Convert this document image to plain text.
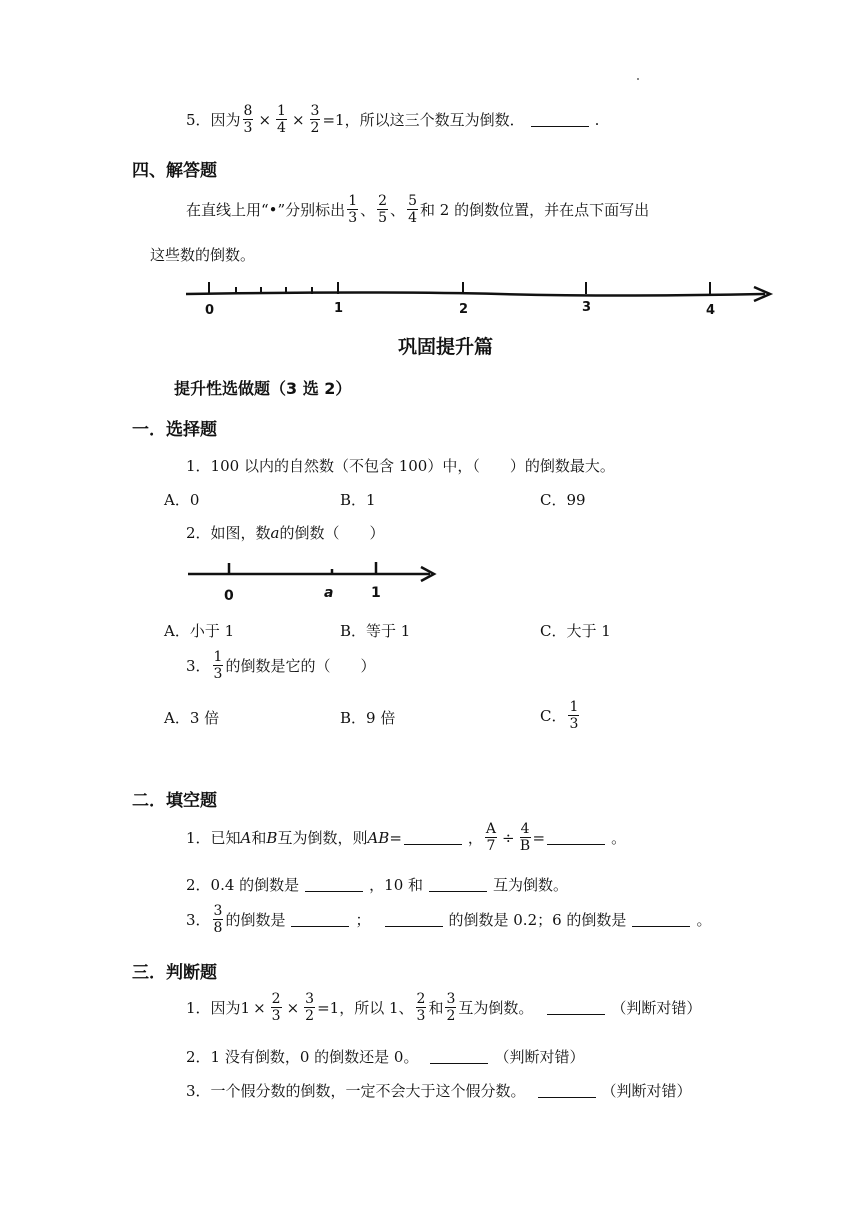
5．因为 $\frac{8}{3} \times \frac{1}{4} \times \frac{3}{2} =1$，所以这三个数互为倒数．	.
四、解答题
在直线上用“•”分别标出 $\frac{1}{3}$ 、 $\frac{2}{5}$ 、 $\frac{5}{4}$ 和 2 的倒数位置，并在点下面写出
这些数的倒数。
0	1	2	3	4
巩固提升篇
提升性选做题（3 选 2）
一．选择题
1．100 以内的自然数（不包含 100）中，（　　）的倒数最大。
A．0	B．1	C．99
2．如图，数 a 的倒数（　　）
0	a	1
A．小于 1	B．等于 1	C．大于 1
3． $\frac{1}{3}$ 的倒数是它的（　　）
A．3 倍	B．9 倍	C． $\frac{1}{3}$
二．填空题
1．已知 A 和 B 互为倒数，则 AB =	， $\frac{A}{7} \div \frac{4}{B}$ =	。
2．0.4 的倒数是	，10 和	互为倒数。
3． $\frac{3}{8}$ 的倒数是	；	的倒数是 0.2；6 的倒数是	。
三．判断题
1．因为 $1 \times \frac{2}{3} \times \frac{3}{2} =1$ ，所以 1、 $\frac{2}{3}$ 和 $\frac{3}{2}$ 互为倒数。	（判断对错）
2．1 没有倒数，0 的倒数还是 0。	（判断对错）
3．一个假分数的倒数，一定不会大于这个假分数。	（判断对错）
